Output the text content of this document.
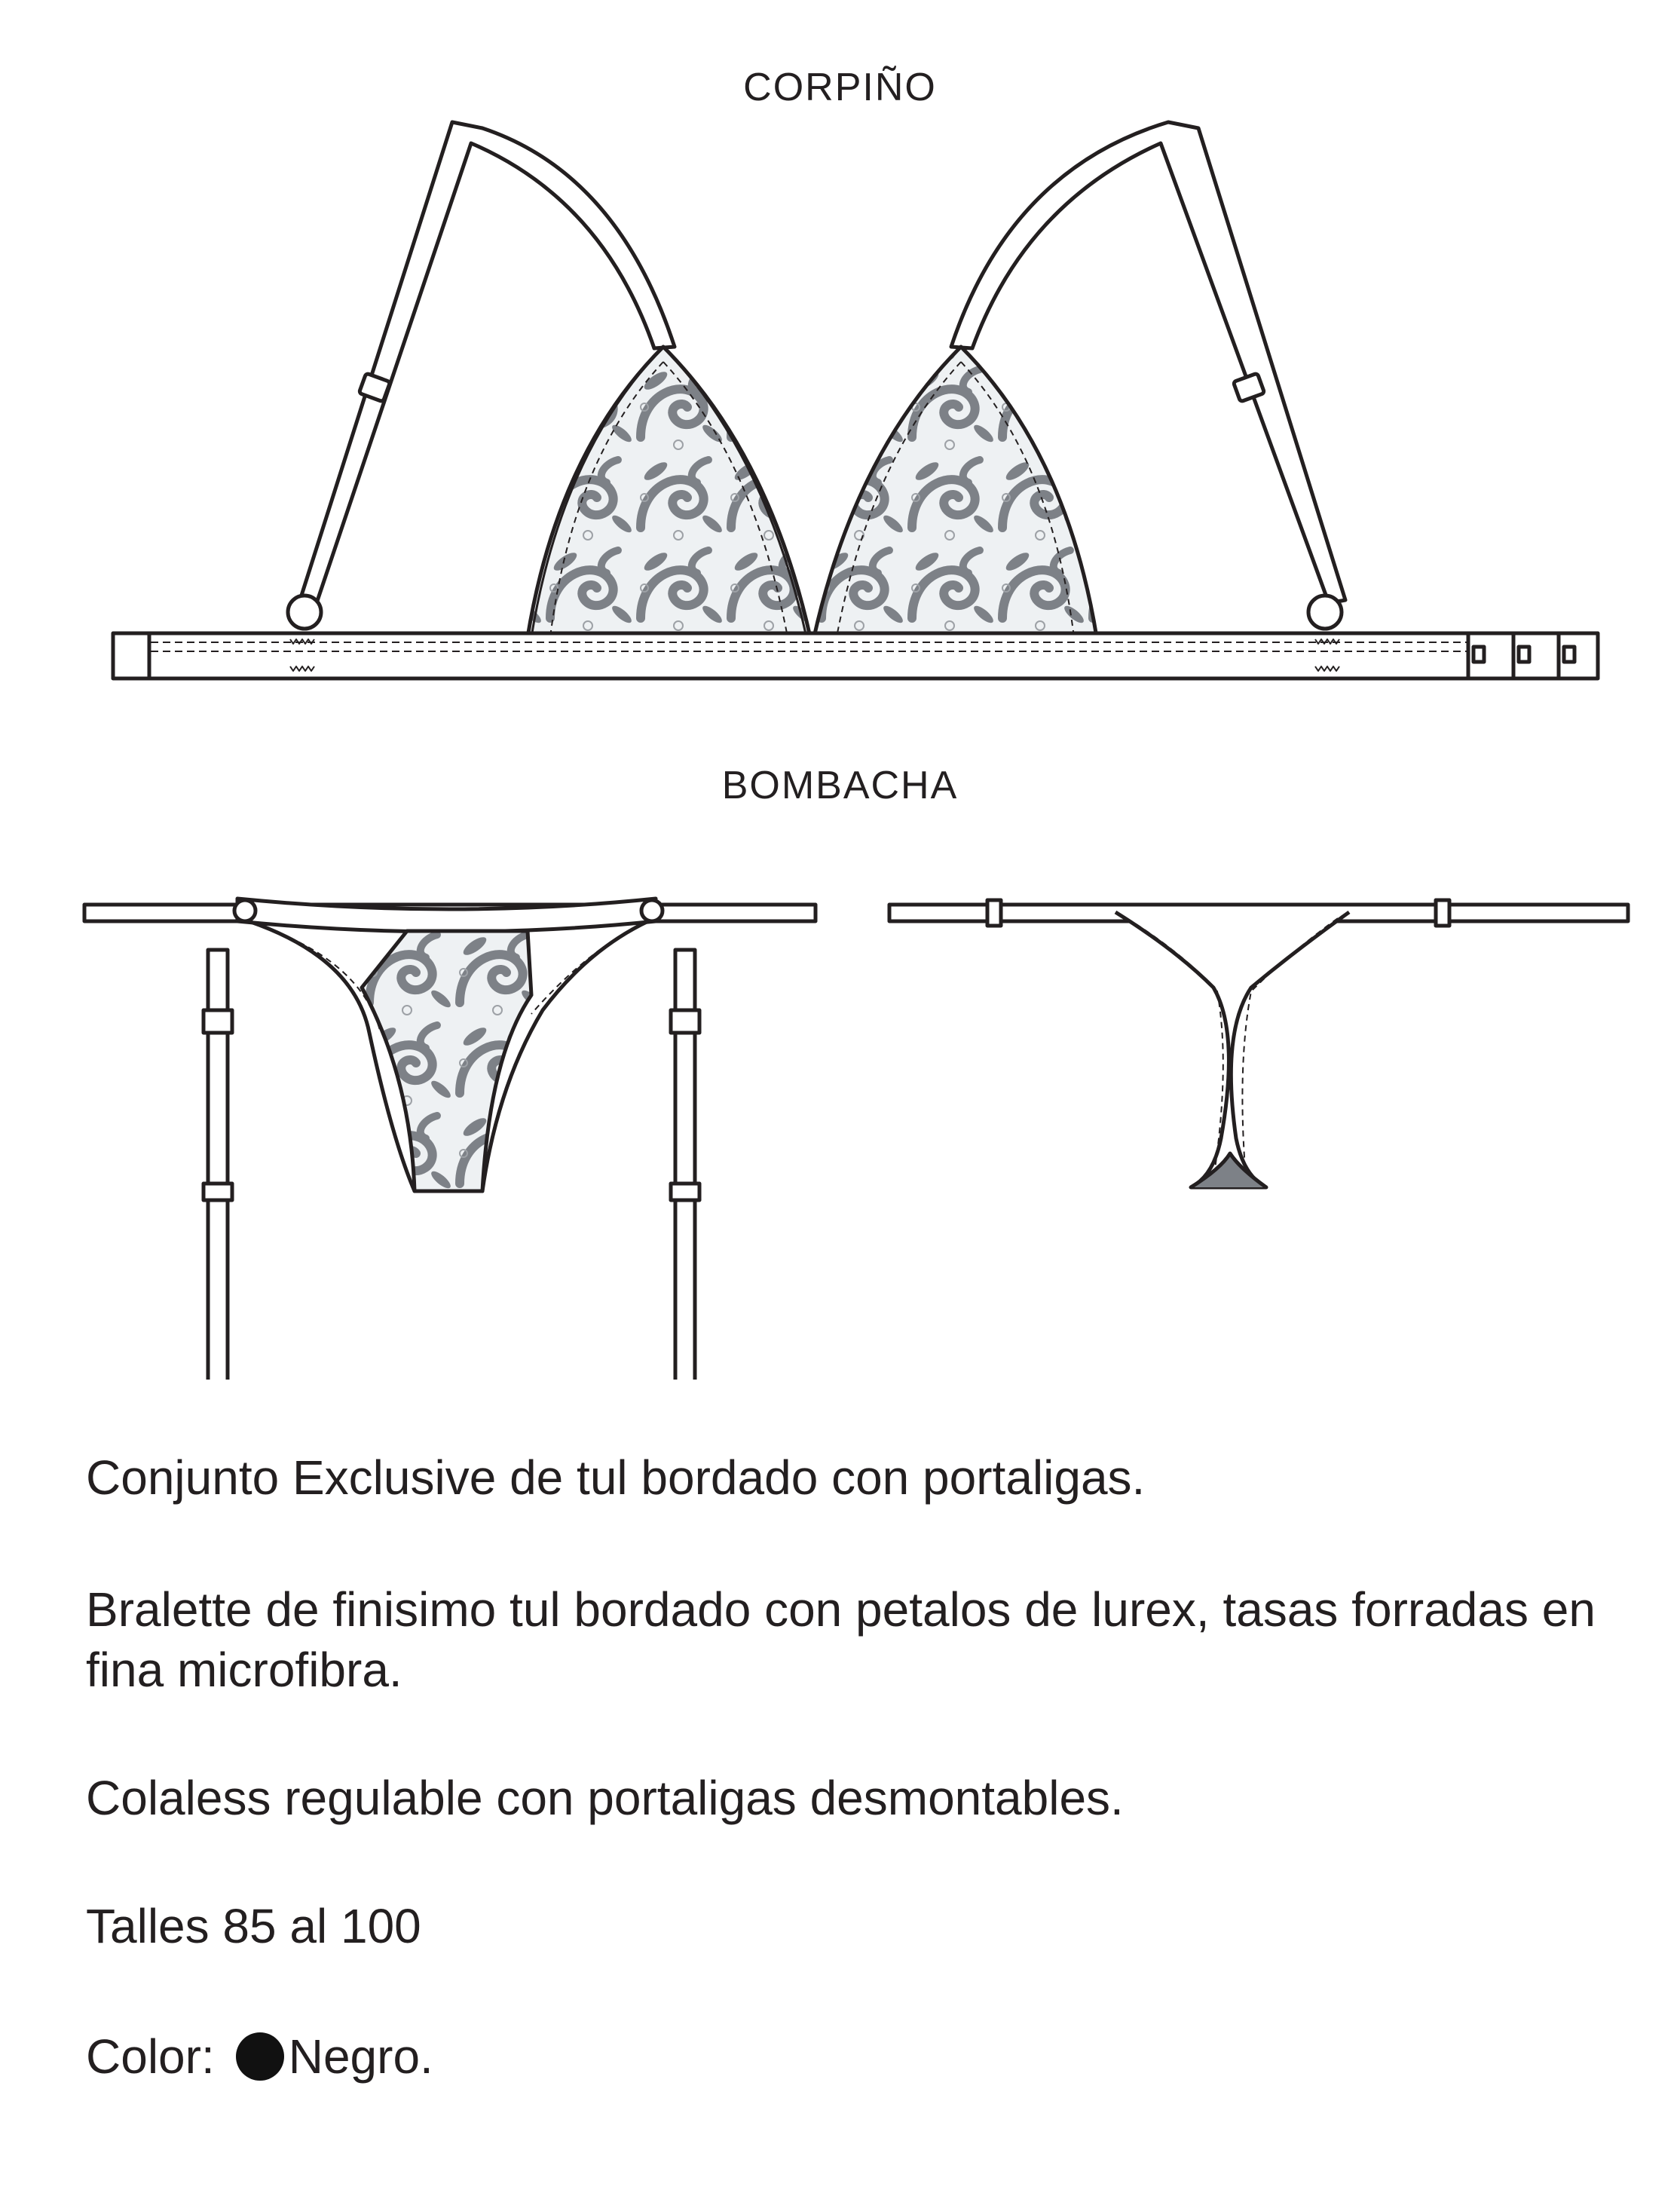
CORPIÑO
BOMBACHA
Conjunto Exclusive de tul bordado con portaligas.
Bralette de finisimo tul bordado con petalos de lurex, tasas forradas en fina microfibra.
Colaless regulable con portaligas desmontables.
Talles 85 al 100
Color: Negro.
